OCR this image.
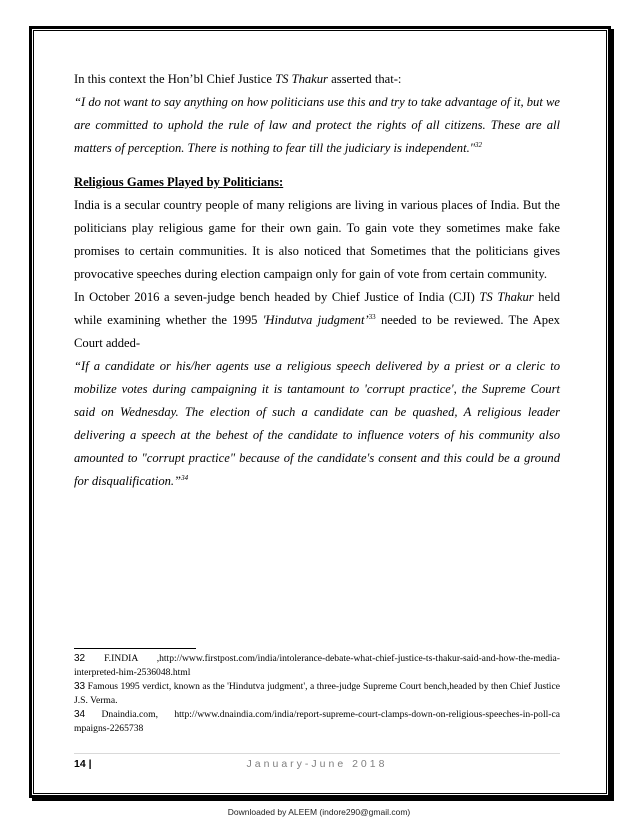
In this context the Hon’bl Chief Justice TS Thakur asserted that-:

“I do not want to say anything on how politicians use this and try to take advantage of it, but we are committed to uphold the rule of law and protect the rights of all citizens. These are all matters of perception. There is nothing to fear till the judiciary is independent."$^{32}$

Religious Games Played by Politicians:

India is a secular country people of many religions are living in various places of India. But the politicians play religious game for their own gain. To gain vote they sometimes make fake promises to certain communities. It is also noticed that Sometimes that the politicians gives provocative speeches during election campaign only for gain of vote from certain community.

In October 2016 a seven-judge bench headed by Chief Justice of India (CJI) TS Thakur held while examining whether the 1995 'Hindutva judgment’$^{33}$ needed to be reviewed. The Apex Court added-

“If a candidate or his/her agents use a religious speech delivered by a priest or a cleric to mobilize votes during campaigning it is tantamount to 'corrupt practice', the Supreme Court said on Wednesday. The election of such a candidate can be quashed, A religious leader delivering a speech at the behest of the candidate to influence voters of his community also amounted to "corrupt practice" because of the candidate's consent and this could be a ground for disqualification.”$^{34}$

32 F.INDIA ,http://www.firstpost.com/india/intolerance-debate-what-chief-justice-ts-thakur-said-and-how-the-media-interpreted-him-2536048.html

33 Famous 1995 verdict, known as the 'Hindutva judgment', a three-judge Supreme Court bench,headed by then Chief Justice J.S. Verma.

34 Dnaindia.com, http://www.dnaindia.com/india/report-supreme-court-clamps-down-on-religious-speeches-in-poll-ca mpaigns-2265738

14 |	January-June 2018
Downloaded by ALEEM (indore290@gmail.com)
